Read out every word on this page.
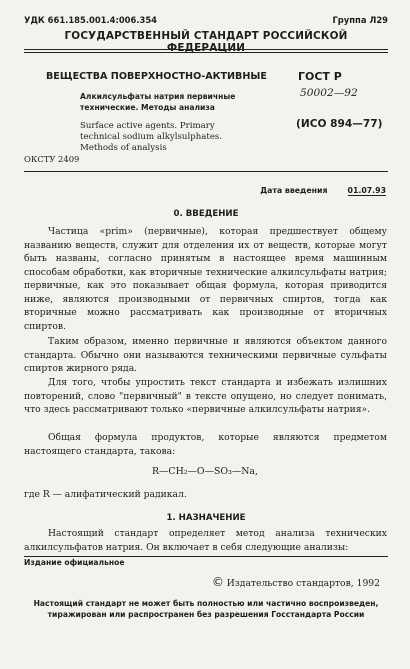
УДК 661.185.001.4:006.354	Группа Л29
ГОСУДАРСТВЕННЫЙ СТАНДАРТ РОССИЙСКОЙ ФЕДЕРАЦИИ
ВЕЩЕСТВА ПОВЕРХНОСТНО-АКТИВНЫЕ
Алкилсульфаты натрия первичные
технические. Методы анализа
Surface active agents. Primary
technical sodium alkylsulphates.
Methods of analysis
ГОСТ Р
50002—92
(ИСО 894—77)
ОКСТУ 2409
Дата введения	01.07.93
0. ВВЕДЕНИЕ
Частица «prim» (первичные), которая предшествует общему названию веществ, служит для отделения их от веществ, которые могут быть названы, согласно принятым в настоящее время машинным способам обработки, как вторичные технические алкилсульфаты натрия; первичные, как это показывает общая формула, которая приводится ниже, являются производными от первичных спиртов, тогда как вторичные можно рассматривать как производные от вторичных спиртов.
Таким образом, именно первичные и являются объектом данного стандарта. Обычно они называются техническими первичные сульфаты спиртов жирного ряда.
Для того, чтобы упростить текст стандарта и избежать излишних повторений, слово "первичный" в тексте опущено, но следует понимать, что здесь рассматривают только «первичные алкилсульфаты натрия».
Общая формула продуктов, которые являются предметом настоящего стандарта, такова:
R—CH₂—O—SO₃—Na,
где R — алифатический радикал.
1. НАЗНАЧЕНИЕ
Настоящий стандарт определяет метод анализа технических алкилсульфатов натрия. Он включает в себя следующие анализы:
Издание официальное
© Издательство стандартов, 1992
Настоящий стандарт не может быть полностью или частично воспроизведен,
тиражирован или распространен без разрешения Госстандарта России
